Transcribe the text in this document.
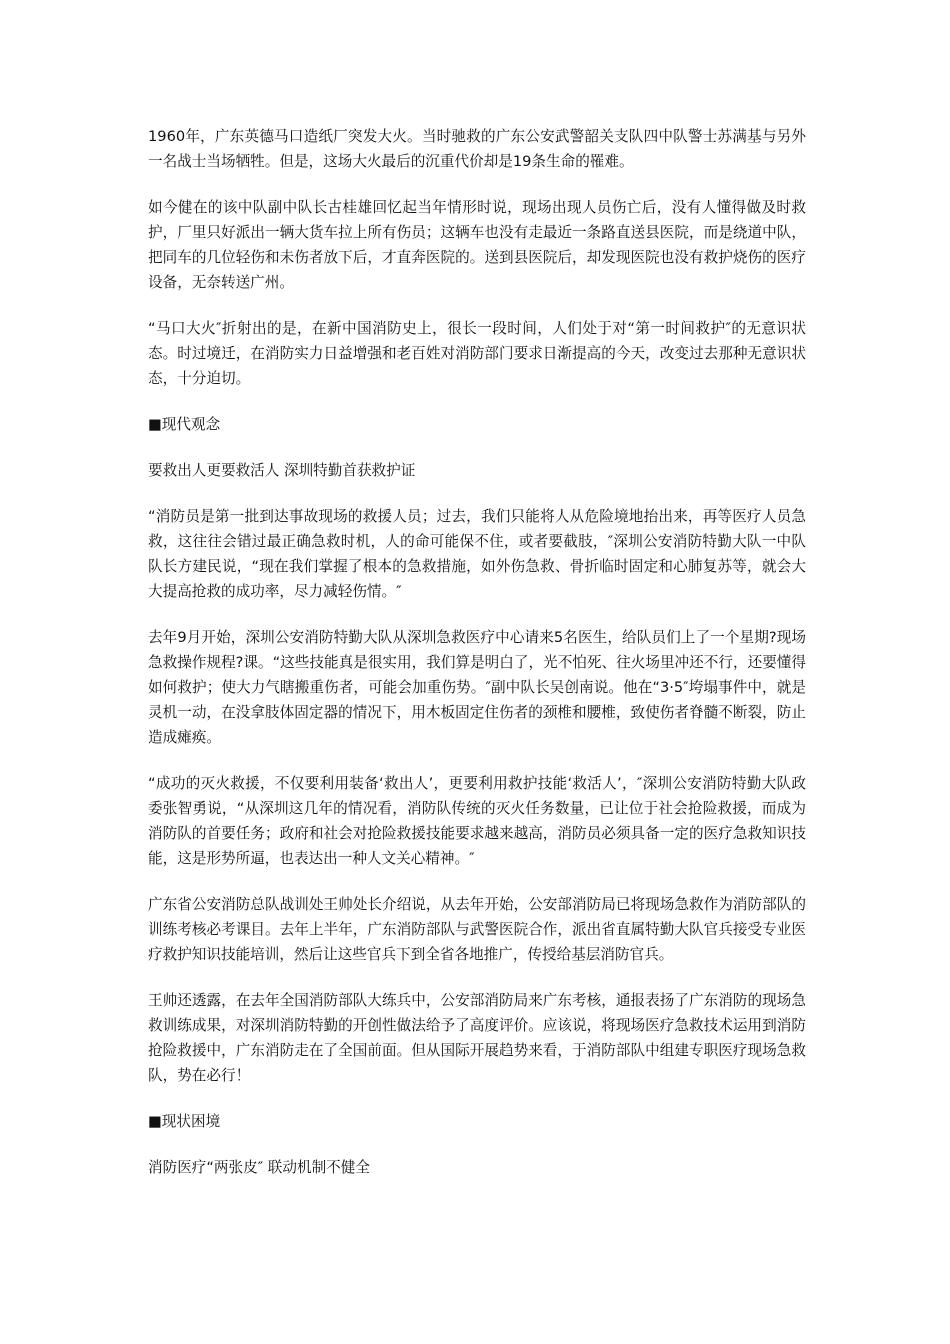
1960年，广东英德马口造纸厂突发大火。当时驰救的广东公安武警韶关支队四中队警士苏满基与另外一名战士当场牺牲。但是，这场大火最后的沉重代价却是19条生命的罹难。

如今健在的该中队副中队长古桂雄回忆起当年情形时说，现场出现人员伤亡后，没有人懂得做及时救护，厂里只好派出一辆大货车拉上所有伤员；这辆车也没有走最近一条路直送县医院，而是绕道中队，把同车的几位轻伤和未伤者放下后，才直奔医院的。送到县医院后，却发现医院也没有救护烧伤的医疗设备，无奈转送广州。

“马口大火″折射出的是，在新中国消防史上，很长一段时间，人们处于对“第一时间救护″的无意识状态。时过境迁，在消防实力日益增强和老百姓对消防部门要求日渐提高的今天，改变过去那种无意识状态，十分迫切。

■现代观念

要救出人更要救活人 深圳特勤首获救护证

“消防员是第一批到达事故现场的救援人员；过去，我们只能将人从危险境地抬出来，再等医疗人员急救，这往往会错过最正确急救时机，人的命可能保不住，或者要截肢，″深圳公安消防特勤大队一中队队长方建民说，“现在我们掌握了根本的急救措施，如外伤急救、骨折临时固定和心肺复苏等，就会大大提高抢救的成功率，尽力减轻伤情。″

去年9月开始，深圳公安消防特勤大队从深圳急救医疗中心请来5名医生，给队员们上了一个星期?现场急救操作规程?课。“这些技能真是很实用，我们算是明白了，光不怕死、往火场里冲还不行，还要懂得如何救护；使大力气瞎搬重伤者，可能会加重伤势。″副中队长吴创南说。他在“3·5″垮塌事件中，就是灵机一动，在没拿肢体固定器的情况下，用木板固定住伤者的颈椎和腰椎，致使伤者脊髓不断裂，防止造成瘫痪。

“成功的灭火救援，不仅要利用装备‘救出人’，更要利用救护技能‘救活人’，″深圳公安消防特勤大队政委张智勇说，“从深圳这几年的情况看，消防队传统的灭火任务数量，已让位于社会抢险救援，而成为消防队的首要任务；政府和社会对抢险救援技能要求越来越高，消防员必须具备一定的医疗急救知识技能，这是形势所逼，也表达出一种人文关心精神。″

广东省公安消防总队战训处王帅处长介绍说，从去年开始，公安部消防局已将现场急救作为消防部队的训练考核必考课目。去年上半年，广东消防部队与武警医院合作，派出省直属特勤大队官兵接受专业医疗救护知识技能培训，然后让这些官兵下到全省各地推广，传授给基层消防官兵。

王帅还透露，在去年全国消防部队大练兵中，公安部消防局来广东考核，通报表扬了广东消防的现场急救训练成果，对深圳消防特勤的开创性做法给予了高度评价。应该说，将现场医疗急救技术运用到消防抢险救援中，广东消防走在了全国前面。但从国际开展趋势来看，于消防部队中组建专职医疗现场急救队，势在必行！

■现状困境

消防医疗“两张皮″ 联动机制不健全
